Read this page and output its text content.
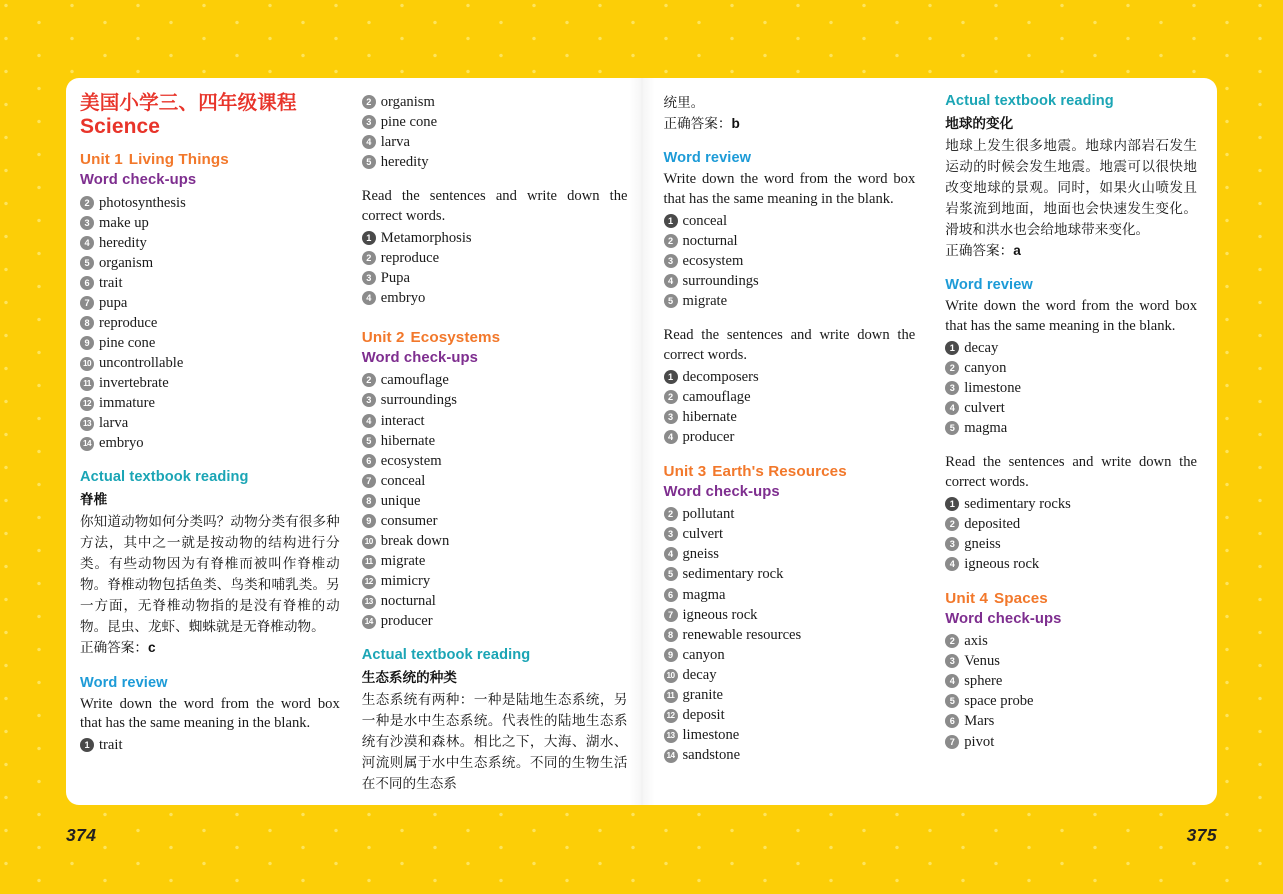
美国小学三、四年级课程
Science
Unit 1 Living Things
Word check-ups
2 photosynthesis
3 make up
4 heredity
5 organism
6 trait
7 pupa
8 reproduce
9 pine cone
10 uncontrollable
11 invertebrate
12 immature
13 larva
14 embryo
Actual textbook reading
脊椎

你知道动物如何分类吗？动物分类有很多种方法，其中之一就是按动物的结构进行分类。有些动物因为有脊椎而被叫作脊椎动物。脊椎动物包括鱼类、鸟类和哺乳类。另一方面，无脊椎动物指的是没有脊椎的动物。昆虫、龙虾、蜘蛛就是无脊椎动物。

正确答案：c

Word review

Write down the word from the word box that has the same meaning in the blank.

1 trait
2 organism
3 pine cone
4 larva
5 heredity

Read the sentences and write down the correct words.

1 Metamorphosis
2 reproduce
3 Pupa
4 embryo
Unit 2 Ecosystems
Word check-ups
2 camouflage
3 surroundings
4 interact
5 hibernate
6 ecosystem
7 conceal
8 unique
9 consumer
10 break down
11 migrate
12 mimicry
13 nocturnal
14 producer
Actual textbook reading
生态系统的种类

生态系统有两种：一种是陆地生态系统，另一种是水中生态系统。代表性的陆地生态系统有沙漠和森林。相比之下，大海、湖水、河流则属于水中生态系统。不同的生物生活在不同的生态系

统里。

正确答案：b

Word review

Write down the word from the word box that has the same meaning in the blank.

1 conceal
2 nocturnal
3 ecosystem
4 surroundings
5 migrate

Read the sentences and write down the correct words.

1 decomposers
2 camouflage
3 hibernate
4 producer
Unit 3 Earth's Resources
Word check-ups
2 pollutant
3 culvert
4 gneiss
5 sedimentary rock
6 magma
7 igneous rock
8 renewable resources
9 canyon
10 decay
11 granite
12 deposit
13 limestone
14 sandstone
Actual textbook reading
地球的变化

地球上发生很多地震。地球内部岩石发生运动的时候会发生地震。地震可以很快地改变地球的景观。同时，如果火山喷发且岩浆流到地面，地面也会快速发生变化。滑坡和洪水也会给地球带来变化。

正确答案：a

Word review

Write down the word from the word box that has the same meaning in the blank.

1 decay
2 canyon
3 limestone
4 culvert
5 magma

Read the sentences and write down the correct words.

1 sedimentary rocks
2 deposited
3 gneiss
4 igneous rock
Unit 4 Spaces
Word check-ups
2 axis
3 Venus
4 sphere
5 space probe
6 Mars
7 pivot
374	375
